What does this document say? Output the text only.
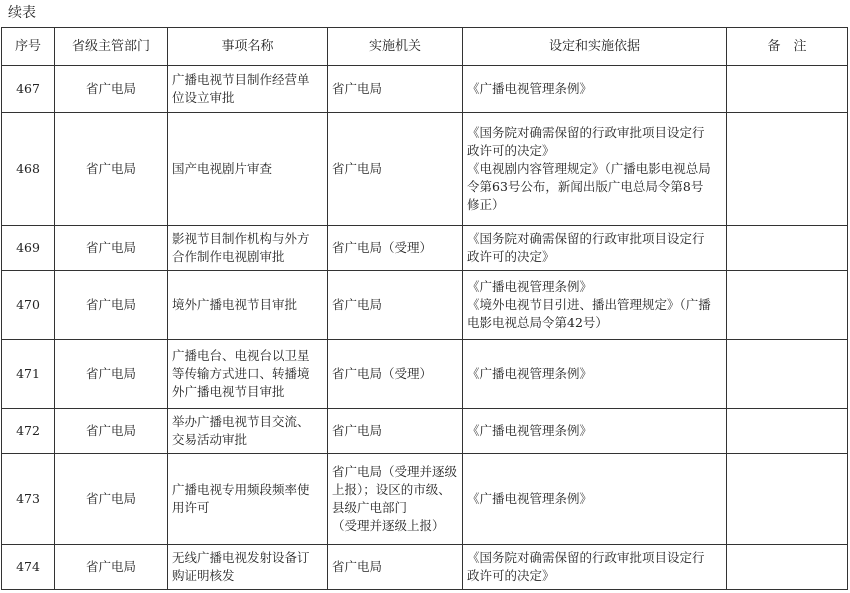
续表
序号	省级主管部门	事项名称	实施机关	设定和实施依据	备　注
467	省广电局	广播电视节目制作经营单
位设立审批	省广电局	《广播电视管理条例》	

468	省广电局	国产电视剧片审查	省广电局	《国务院对确需保留的行政审批项目设定行
政许可的决定》
《电视剧内容管理规定》（广播电影电视总局
令第63号公布，新闻出版广电总局令第8号
修正）	

469	省广电局	影视节目制作机构与外方
合作制作电视剧审批	省广电局（受理）	《国务院对确需保留的行政审批项目设定行
政许可的决定》	

470	省广电局	境外广播电视节目审批	省广电局	《广播电视管理条例》
《境外电视节目引进、播出管理规定》（广播
电影电视总局令第42号）	

471	省广电局	广播电台、电视台以卫星
等传输方式进口、转播境
外广播电视节目审批	省广电局（受理）	《广播电视管理条例》	

472	省广电局	举办广播电视节目交流、
交易活动审批	省广电局	《广播电视管理条例》	

473	省广电局	广播电视专用频段频率使
用许可	省广电局（受理并逐级
上报）；设区的市级、
县级广电部门
（受理并逐级上报）	《广播电视管理条例》	

474	省广电局	无线广播电视发射设备订
购证明核发	省广电局	《国务院对确需保留的行政审批项目设定行
政许可的决定》	
